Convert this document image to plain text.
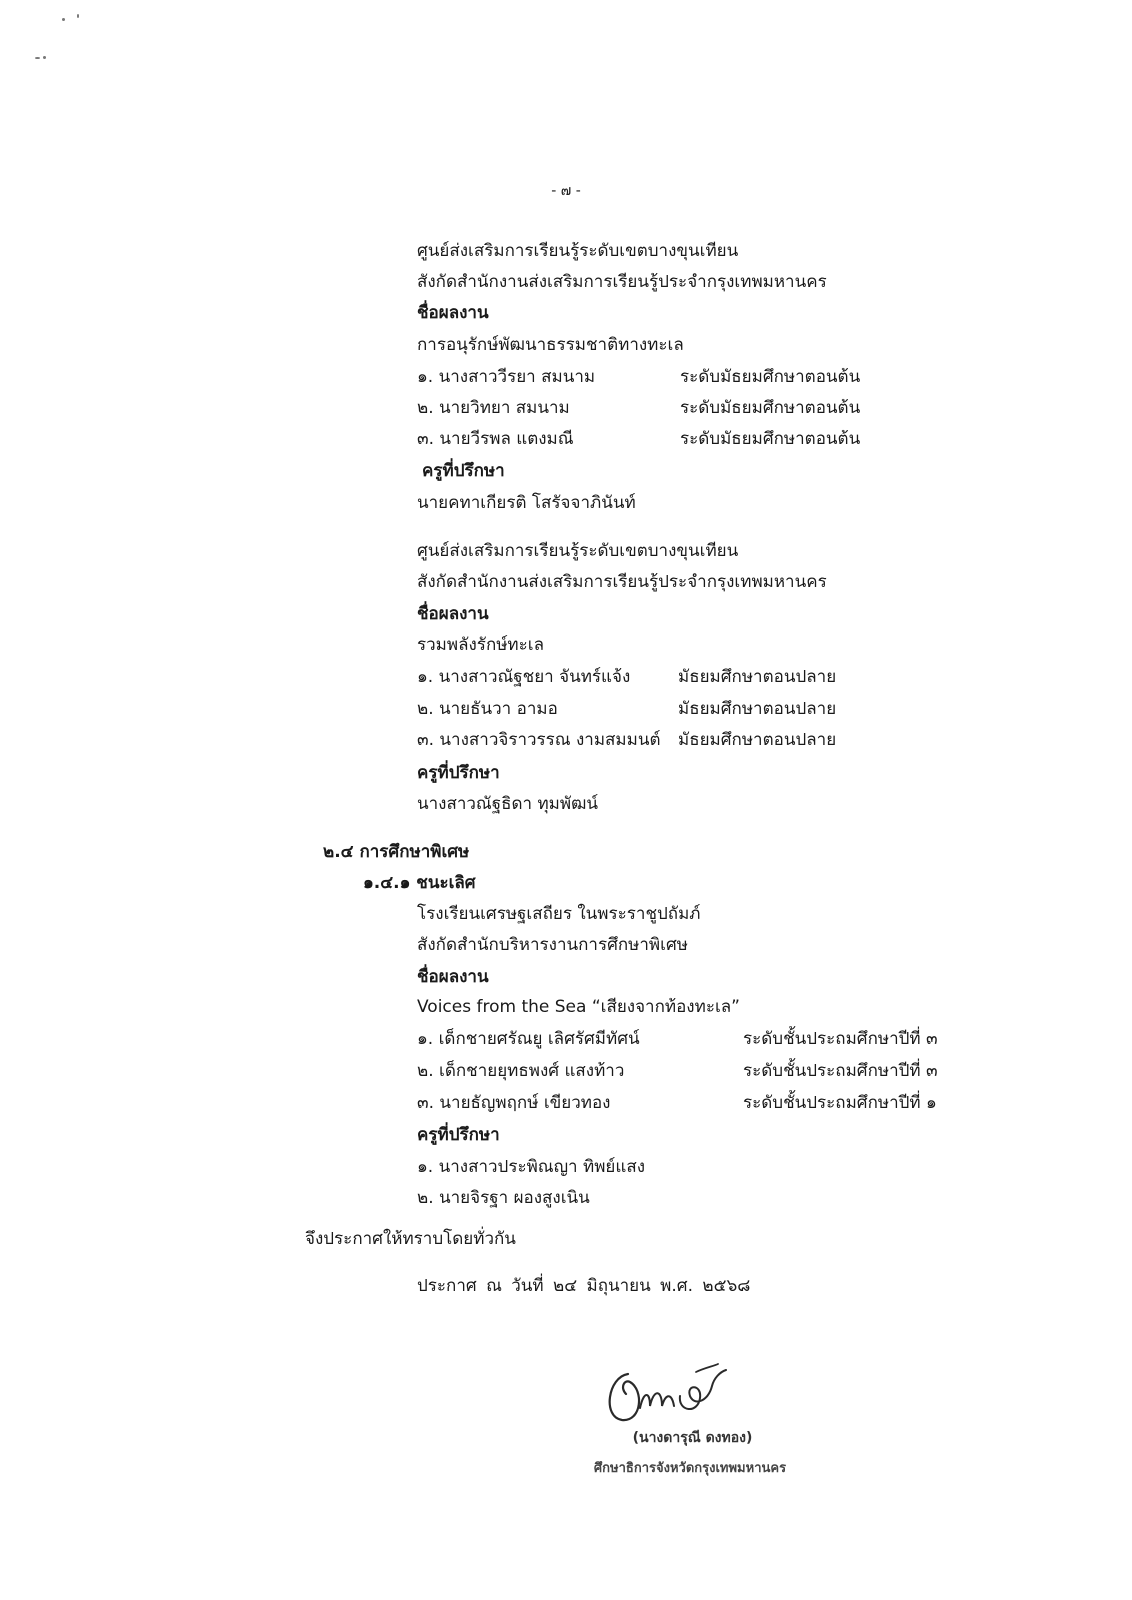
- ๗ -
ศูนย์ส่งเสริมการเรียนรู้ระดับเขตบางขุนเทียน
สังกัดสำนักงานส่งเสริมการเรียนรู้ประจำกรุงเทพมหานคร
ชื่อผลงาน
การอนุรักษ์พัฒนาธรรมชาติทางทะเล
๑. นางสาววีรยา สมนาม	ระดับมัธยมศึกษาตอนต้น
๒. นายวิทยา สมนาม	ระดับมัธยมศึกษาตอนต้น
๓. นายวีรพล แตงมณี	ระดับมัธยมศึกษาตอนต้น
ครูที่ปรึกษา
นายคทาเกียรติ โสรัจจาภินันท์
ศูนย์ส่งเสริมการเรียนรู้ระดับเขตบางขุนเทียน
สังกัดสำนักงานส่งเสริมการเรียนรู้ประจำกรุงเทพมหานคร
ชื่อผลงาน
รวมพลังรักษ์ทะเล
๑. นางสาวณัฐชยา จันทร์แจ้ง	มัธยมศึกษาตอนปลาย
๒. นายธันวา อามอ	มัธยมศึกษาตอนปลาย
๓. นางสาวจิราวรรณ งามสมมนต์ มัธยมศึกษาตอนปลาย
ครูที่ปรึกษา
นางสาวณัฐธิดา ทุมพัฒน์
๒.๔ การศึกษาพิเศษ
๑.๔.๑ ชนะเลิศ
โรงเรียนเศรษฐเสถียร ในพระราชูปถัมภ์
สังกัดสำนักบริหารงานการศึกษาพิเศษ
ชื่อผลงาน
Voices from the Sea “เสียงจากท้องทะเล”
๑. เด็กชายศรัณยู เลิศรัศมีทัศน์	ระดับชั้นประถมศึกษาปีที่ ๓
๒. เด็กชายยุทธพงศ์ แสงท้าว	ระดับชั้นประถมศึกษาปีที่ ๓
๓. นายธัญพฤกษ์ เขียวทอง	ระดับชั้นประถมศึกษาปีที่ ๑
ครูที่ปรึกษา
๑. นางสาวประพิณญา ทิพย์แสง
๒. นายจิรฐา ผองสูงเนิน
จึงประกาศให้ทราบโดยทั่วกัน
ประกาศ ณ วันที่ ๒๔ มิถุนายน พ.ศ. ๒๕๖๘
(นางดารุณี ดงทอง)
ศึกษาธิการจังหวัดกรุงเทพมหานคร
